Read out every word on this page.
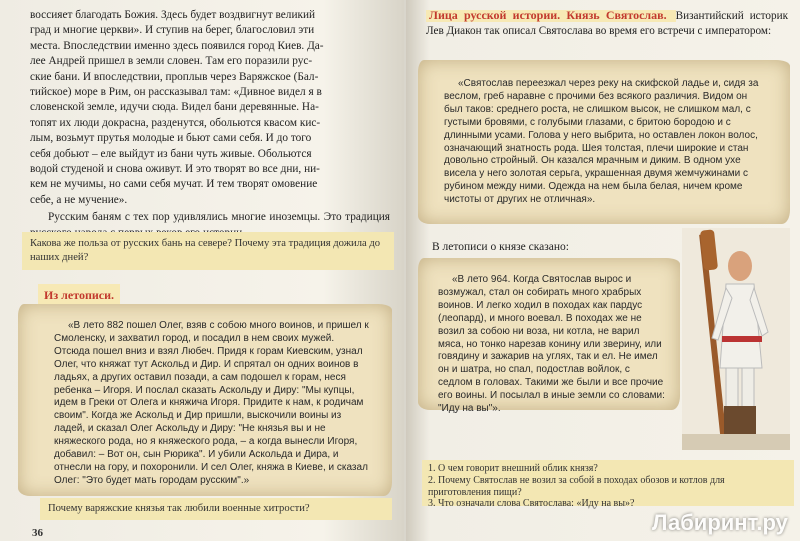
воссияет благодать Божия. Здесь будет воздвигнут великий
град и многие церкви». И ступив на берег, благословил эти
места. Впоследствии именно здесь появился город Киев. Да-
лее Андрей пришел в земли словен. Там его поразили рус-
ские бани. И впоследствии, проплыв через Варяжское (Бал-
тийское) море в Рим, он рассказывал там: «Дивное видел я в
словенской земле, идучи сюда. Видел бани деревянные. На-
топят их люди докрасна, разденутся, обольются квасом кис-
лым, возьмут прутья молодые и бьют сами себя. И до того
себя добьют – еле выйдут из бани чуть живые. Обольются
водой студеной и снова оживут. И это творят во все дни, ни-
кем не мучимы, но сами себя мучат. И тем творят омовение
себе, а не мучение».

Русским баням с тех пор удивлялись многие иноземцы. Это традиция

Какова же польза от русских бань на севере? Почему эта традиция дожила до наших дней?
Из летописи.

«В лето 882 пошел Олег, взяв с собою много воинов, и пришел к Смоленску, и захватил город, и посадил в нем своих мужей. Отсюда пошел вниз и взял Любеч. Придя к горам Киевским, узнал Олег, что княжат тут Аскольд и Дир. И спрятал он одних воинов в ладьях, а других оставил позади, а сам подошел к горам, неся ребенка – Игоря. И послал сказать Аскольду и Диру: "Мы купцы, идем в Греки от Олега и княжича Игоря. Придите к нам, к родичам своим". Когда же Аскольд и Дир пришли, выскочили воины из ладей, и сказал Олег Аскольду и Диру: "Не князья вы и не княжеского рода, но я княжеского рода, – а когда вынесли Игоря, добавил: – Вот он, сын Рюрика". И убили Аскольда и Дира, и отнесли на гору, и похоронили. И сел Олег, княжа в Киеве, и сказал Олег: "Это будет мать городам русским".»

Почему варяжские князья так любили военные хитрости?
36
Лица русской истории. Князь Святослав. Византийский историк Лев Диакон так описал Святослава во время его встречи с императором:

«Святослав переезжал через реку на скифской ладье и, сидя за веслом, греб наравне с прочими без всякого различия. Видом он был таков: среднего роста, не слишком высок, не слишком мал, с густыми бровями, с голубыми глазами, с бритою бородою и с длинными усами. Голова у него выбрита, но оставлен локон волос, означающий знатность рода. Шея толстая, плечи широкие и стан довольно стройный. Он казался мрачным и диким. В одном ухе висела у него золотая серьга, украшенная двумя жемчужинами с рубином между ними. Одежда на нем была белая, ничем кроме чистоты от других не отличная».

В летописи о князе сказано:

«В лето 964. Когда Святослав вырос и возмужал, стал он собирать много храбрых воинов. И легко ходил в походах как пардус (леопард), и много воевал. В походах же не возил за собою ни воза, ни котла, не варил мяса, но тонко нарезав конину или зверину, или говядину и зажарив на углях, так и ел. Не имел он и шатра, но спал, подостлав войлок, с седлом в головах. Такими же были и все прочие его воины. И посылал в иные земли со словами: "Иду на вы"».

1. О чем говорит внешний облик князя?
2. Почему Святослав не возил за собой в походах обозов и котлов для приготовления пищи?
3. Что означали слова Святослава: «Иду на вы»?
Лабиринт.ру
